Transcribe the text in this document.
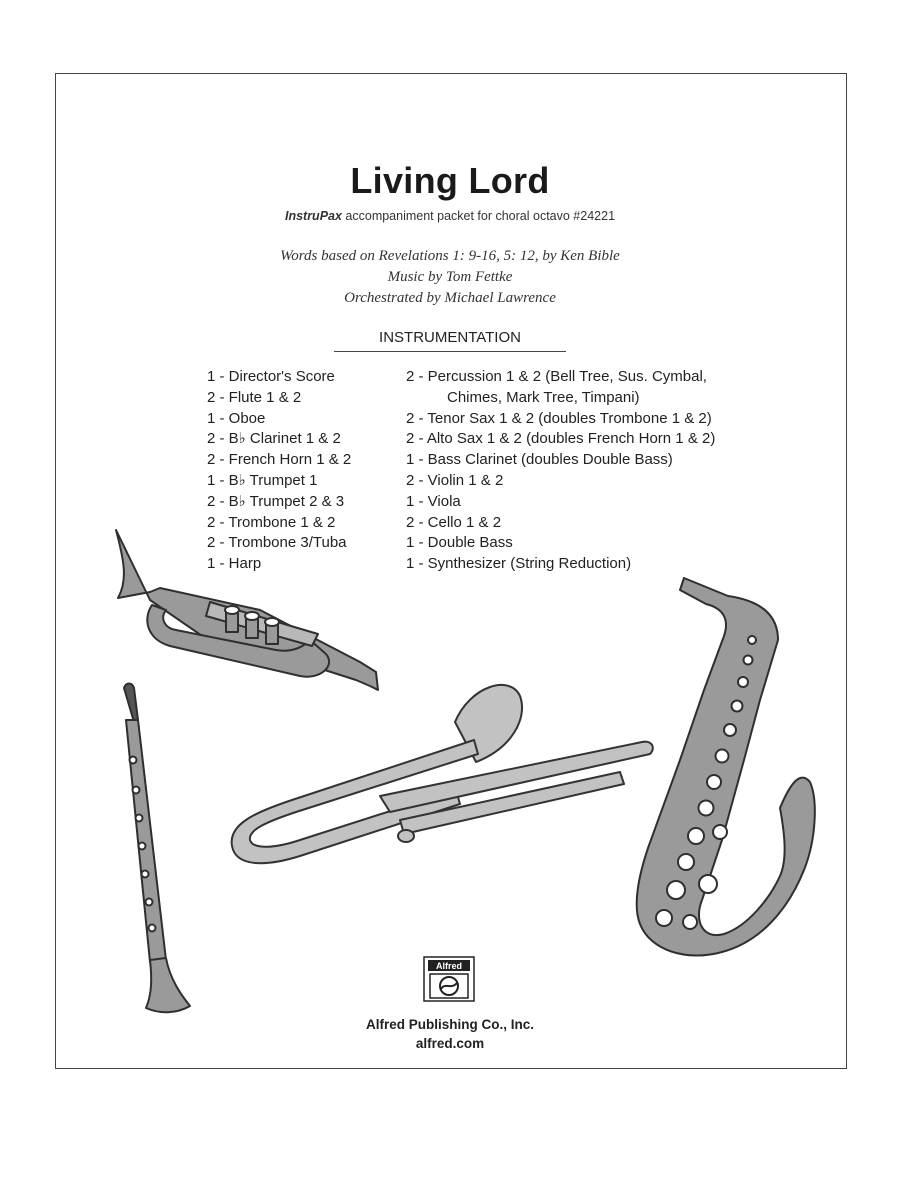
Living Lord
InstruPax accompaniment packet for choral octavo #24221
Words based on Revelations 1: 9-16, 5: 12, by Ken Bible
Music by Tom Fettke
Orchestrated by Michael Lawrence
INSTRUMENTATION
1 - Director's Score
2 - Flute 1 & 2
1 - Oboe
2 - B♭ Clarinet 1 & 2
2 - French Horn 1 & 2
1 - B♭ Trumpet 1
2 - B♭ Trumpet 2 & 3
2 - Trombone 1 & 2
2 - Trombone 3/Tuba
1 - Harp
2 - Percussion 1 & 2 (Bell Tree, Sus. Cymbal,
Chimes, Mark Tree, Timpani)
2 - Tenor Sax 1 & 2 (doubles Trombone 1 & 2)
2 - Alto Sax 1 & 2 (doubles French Horn 1 & 2)
1 - Bass Clarinet (doubles Double Bass)
2 - Violin 1 & 2
1 - Viola
2 - Cello 1 & 2
1 - Double Bass
1 - Synthesizer (String Reduction)
Alfred
Alfred Publishing Co., Inc.
alfred.com
